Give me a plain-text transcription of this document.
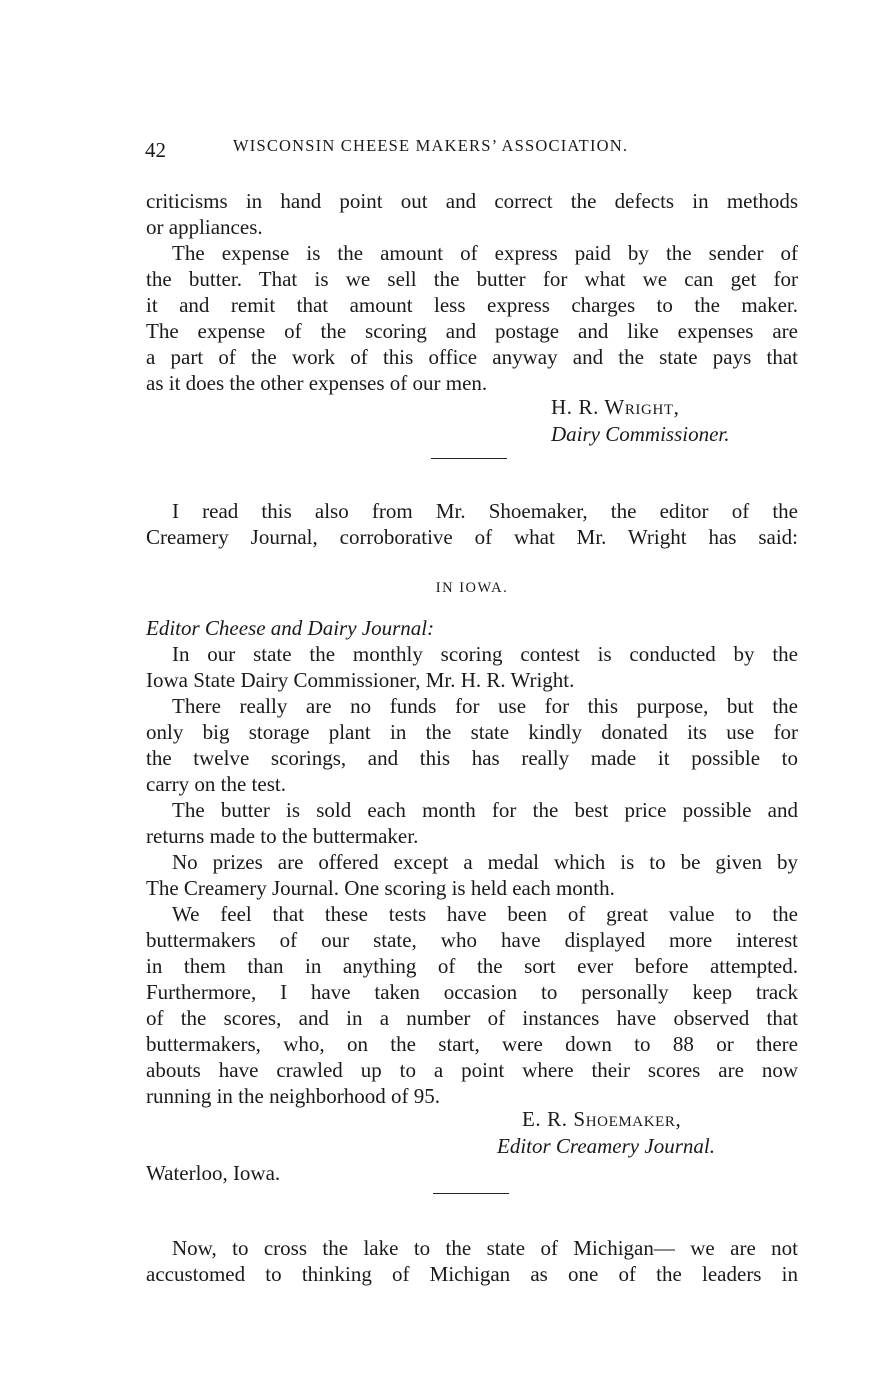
42	WISCONSIN CHEESE MAKERS’ ASSOCIATION.
criticisms in hand point out and correct the defects in methods
or appliances.
The expense is the amount of express paid by the sender of
the butter. That is we sell the butter for what we can get for
it and remit that amount less express charges to the maker.
The expense of the scoring and postage and like expenses are
a part of the work of this office anyway and the state pays that
as it does the other expenses of our men.
H. R. Wright,
Dairy Commissioner.
I read this also from Mr. Shoemaker, the editor of the
Creamery Journal, corroborative of what Mr. Wright has said:
IN IOWA.
Editor Cheese and Dairy Journal:
In our state the monthly scoring contest is conducted by the
Iowa State Dairy Commissioner, Mr. H. R. Wright.
There really are no funds for use for this purpose, but the
only big storage plant in the state kindly donated its use for
the twelve scorings, and this has really made it possible to
carry on the test.
The butter is sold each month for the best price possible and
returns made to the buttermaker.
No prizes are offered except a medal which is to be given by
The Creamery Journal. One scoring is held each month.
We feel that these tests have been of great value to the
buttermakers of our state, who have displayed more interest
in them than in anything of the sort ever before attempted.
Furthermore, I have taken occasion to personally keep track
of the scores, and in a number of instances have observed that
buttermakers, who, on the start, were down to 88 or there
abouts have crawled up to a point where their scores are now
running in the neighborhood of 95.
E. R. Shoemaker,
Editor Creamery Journal.
Waterloo, Iowa.
Now, to cross the lake to the state of Michigan— we are not
accustomed to thinking of Michigan as one of the leaders in
